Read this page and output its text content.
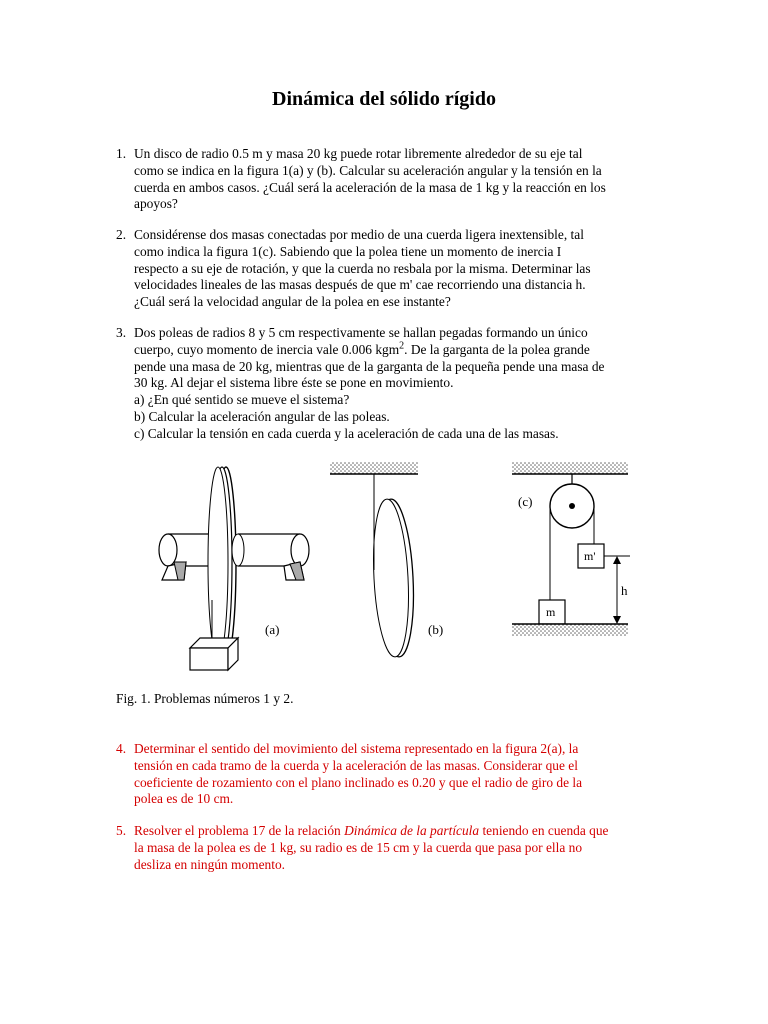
Dinámica del sólido rígido
1. Un disco de radio 0.5 m y masa 20 kg puede rotar libremente alrededor de su eje tal
como se indica en la figura 1(a) y (b). Calcular su aceleración angular y la tensión en la
cuerda en ambos casos. ¿Cuál será la aceleración de la masa de 1 kg y la reacción en los
apoyos?
2. Considérense dos masas conectadas por medio de una cuerda ligera inextensible, tal
como indica la figura 1(c). Sabiendo que la polea tiene un momento de inercia I
respecto a su eje de rotación, y que la cuerda no resbala por la misma. Determinar las
velocidades lineales de las masas después de que m' cae recorriendo una distancia h.
¿Cuál será la velocidad angular de la polea en ese instante?
3. Dos poleas de radios 8 y 5 cm respectivamente se hallan pegadas formando un único
cuerpo, cuyo momento de inercia vale 0.006 kgm$^2$. De la garganta de la polea grande
pende una masa de 20 kg, mientras que de la garganta de la pequeña pende una masa de
30 kg. Al dejar el sistema libre éste se pone en movimiento.
a) ¿En qué sentido se mueve el sistema?
b) Calcular la aceleración angular de las poleas.
c) Calcular la tensión en cada cuerda y la aceleración de cada una de las masas.
(a)	(b)
(c)
m'
m
h

Fig. 1. Problemas números 1 y 2.

4. Determinar el sentido del movimiento del sistema representado en la figura 2(a), la
tensión en cada tramo de la cuerda y la aceleración de las masas. Considerar que el
coeficiente de rozamiento con el plano inclinado es 0.20 y que el radio de giro de la
polea es de 10 cm.
5. Resolver el problema 17 de la relación Dinámica de la partícula teniendo en cuenda que
la masa de la polea es de 1 kg, su radio es de 15 cm y la cuerda que pasa por ella no
desliza en ningún momento.
